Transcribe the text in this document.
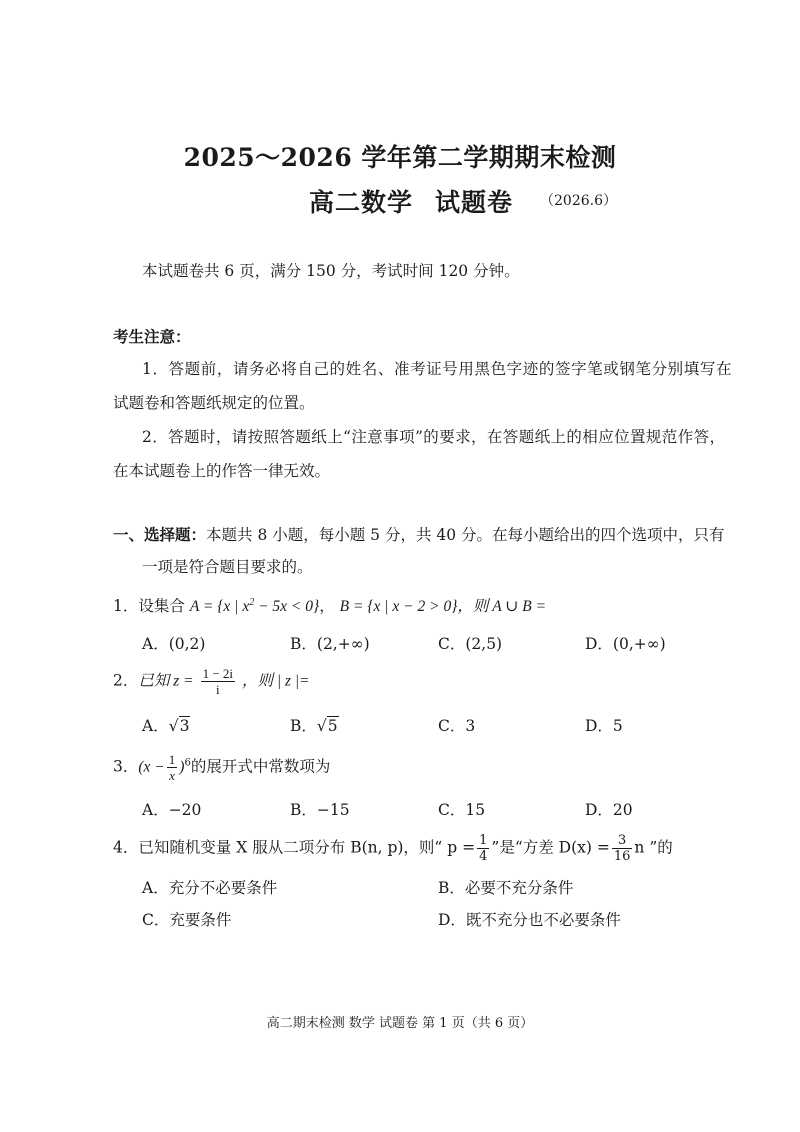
2025～2026 学年第二学期期末检测
高二数学 试题卷 （2026.6）
本试题卷共 6 页，满分 150 分，考试时间 120 分钟。
考生注意：
1．答题前，请务必将自己的姓名、准考证号用黑色字迹的签字笔或钢笔分别填写在
试题卷和答题纸规定的位置。
2．答题时，请按照答题纸上“注意事项”的要求，在答题纸上的相应位置规范作答，
在本试题卷上的作答一律无效。
一、选择题：本题共 8 小题，每小题 5 分，共 40 分。在每小题给出的四个选项中，只有
一项是符合题目要求的。
1．设集合 A = {x | $x^2 - 5x < 0$}， B = {x | x − 2 > 0}，则 A ∪ B =
A．(0,2)	B．(2,+∞)	C．(2,5)	D．(0,+∞)
2．已知 $z = \frac{1 - 2i}{i}$ ，则 | z |=
A．√3	B．√5	C．3	D．5
3．$(x - \frac{1}{x} )^6$的展开式中常数项为
A．−20	B．−15	C．15	D．20
4．已知随机变量 X 服从二项分布 B(n, p)，则“ $p = \frac{1}{4}$ ”是“方差 $D(x) = \frac{3}{16}$ n ”的
A．充分不必要条件	B．必要不充分条件
C．充要条件	D．既不充分也不必要条件
高二期末检测 数学 试题卷 第 1 页（共 6 页）
